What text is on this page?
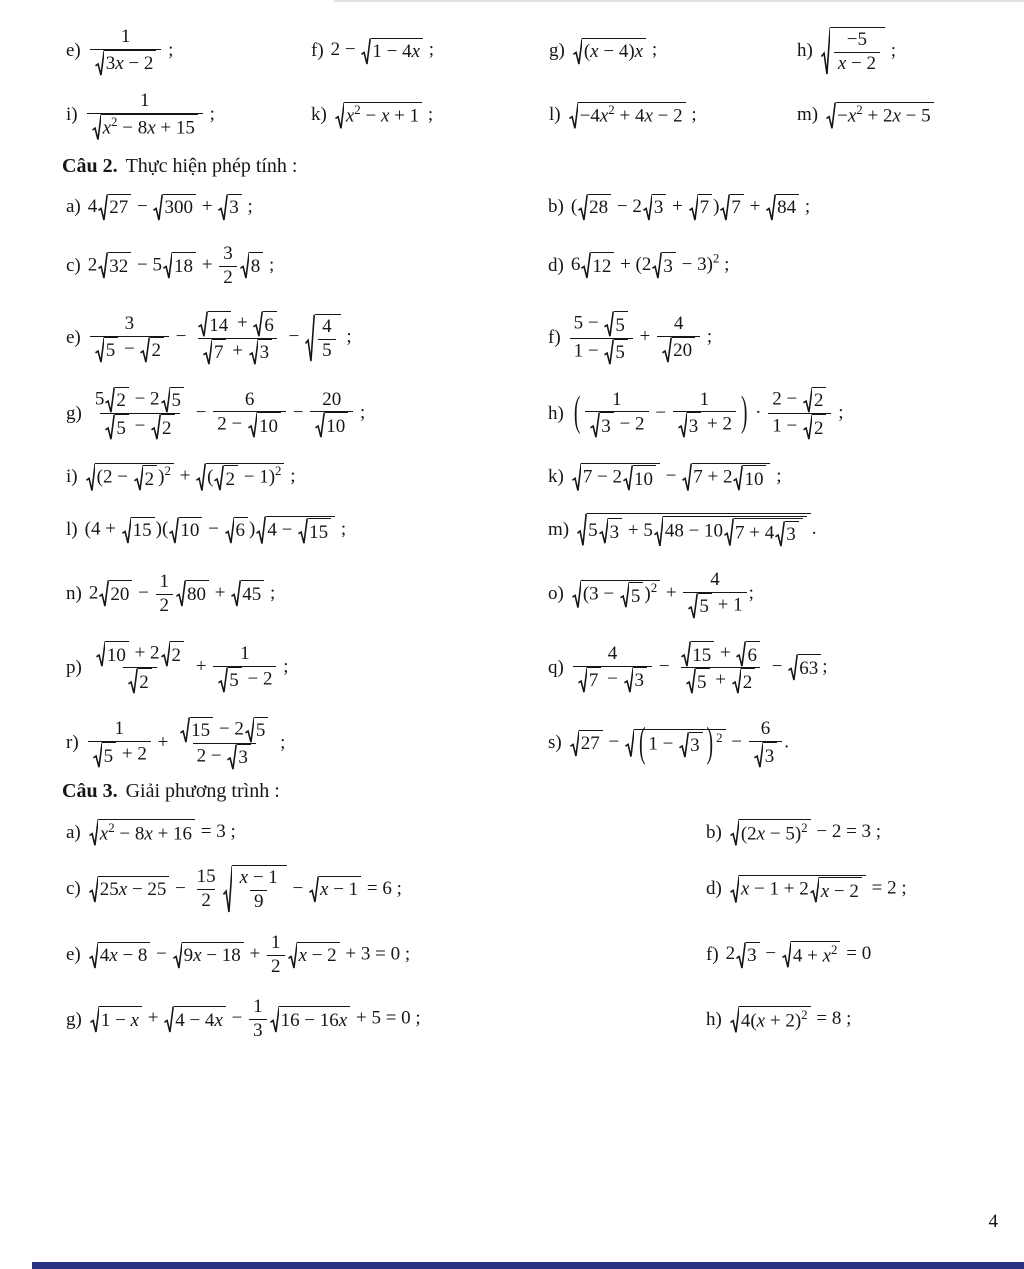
$e) \frac{1}{3x - 2}$ ;	f) 2 − 1 − 4x ;	g)	(x − 4)x ;	$h) \frac{-5}{x - 2}$ ;
$i) \frac{1}{x^2 - 8x + 15}$ ;	k)	$x^2 - x + 1$ ;	l)	$-4x^2 + 4x - 2$ ;	m)	$-x^2 + 2x - 5$
Câu 2. Thực hiện phép tính :
a) 4 27 − 300 + 3 ;	b) ( 28 − 2 3 + 7 ) 7 + 84 ;
c) 2 32 − 5 $18 + \frac{3}{2} 8$ ;	d) 6 12 + (2 3 − 3)$^2$ ;
$e) \frac{3}{5 - 2} - \frac{14 + 6}{7 + 3} - \frac{4}{5}$ ;	$f) \frac{5 - 5}{1 - 5} + \frac{4}{20}$ ;
$g) \frac{5 2 - 2 5}{5 - 2} - \frac{6}{2 - 10} - \frac{20}{10}$ ;	h) ( $\frac{1}{3 - 2} - \frac{1}{3 + 2}$ ) · $\frac{2 - 2}{1 - 2}$ ;
i)	(2 − 2 )$^2$ + ( 2 − 1)$^2$ ;	k)	7 − 2 10 − 7 + 2 10 ;
l) (4 + 15 )( 10 − 6 ) 4 − 15 ;	m)	5 3 + 5 48 − 10 7 + 4 3 .
n) 2 $20 - \frac{1}{2} 80 + 45$ ;	o)	(3 − 5 )$^2 + \frac{4}{5 + 1}$ ;
$p) \frac{10 + 2 2}{2} + \frac{1}{5 - 2}$ ;	$q) \frac{4}{7 - 3} - \frac{15 + 6}{5 + 2} - 63$ ;
$r) \frac{1}{5 + 2} + \frac{15 - 2 5}{2 - 3}$ ;	s)	27 − ( 1 − 3 ) $^2 - \frac{6}{3}$ .
Câu 3. Giải phương trình :
a)	$x^2 - 8x + 16 = 3$ ;	b)	$(2x - 5)^2 - 2 = 3$ ;
c)	$25x - 25 - \frac{15}{2} \frac{x - 1}{9} - x - 1 = 6$ ;	d)	x − 1 + 2 x − 2 = 2 ;
e)	$4x - 8 - 9x - 18 + \frac{1}{2}$ x − 2 + 3 = 0 ;	f) 2 $3 - 4 + x^2 = 0$
g)	$1 - x + 4 - 4x - \frac{1}{3} 16 - 16x + 5 = 0$ ;	h)	$4(x + 2)^2 = 8$ ;
4
